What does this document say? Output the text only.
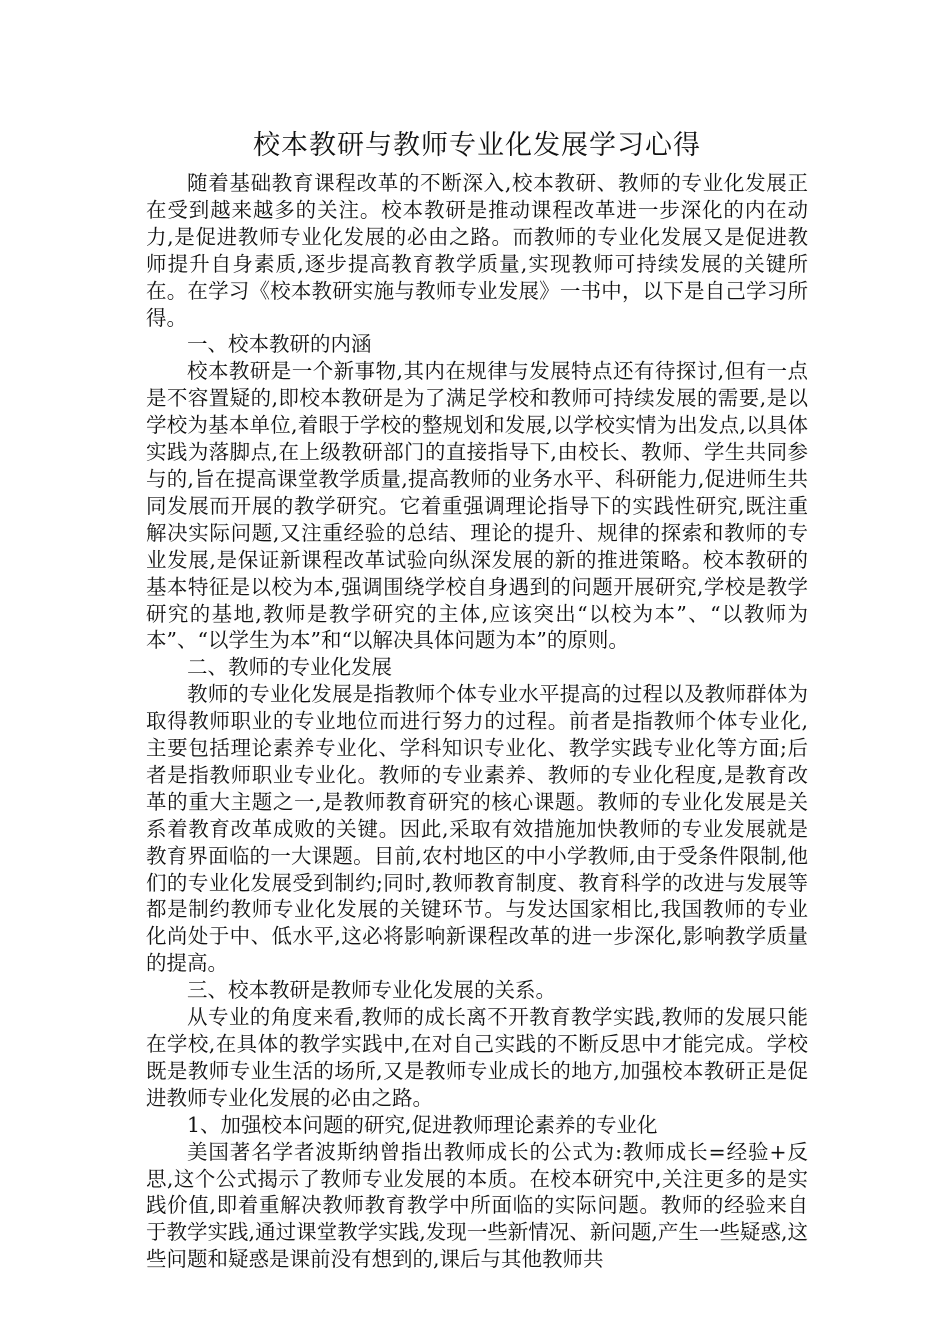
校本教研与教师专业化发展学习心得

随着基础教育课程改革的不断深入,校本教研、教师的专业化发展正在受到越来越多的关注。校本教研是推动课程改革进一步深化的内在动力,是促进教师专业化发展的必由之路。而教师的专业化发展又是促进教师提升自身素质,逐步提高教育教学质量,实现教师可持续发展的关键所在。在学习《校本教研实施与教师专业发展》一书中，以下是自己学习所得。

一、校本教研的内涵

校本教研是一个新事物,其内在规律与发展特点还有待探讨,但有一点是不容置疑的,即校本教研是为了满足学校和教师可持续发展的需要,是以学校为基本单位,着眼于学校的整规划和发展,以学校实情为出发点,以具体实践为落脚点,在上级教研部门的直接指导下,由校长、教师、学生共同参与的,旨在提高课堂教学质量,提高教师的业务水平、科研能力,促进师生共同发展而开展的教学研究。它着重强调理论指导下的实践性研究,既注重解决实际问题,又注重经验的总结、理论的提升、规律的探索和教师的专业发展,是保证新课程改革试验向纵深发展的新的推进策略。校本教研的基本特征是以校为本,强调围绕学校自身遇到的问题开展研究,学校是教学研究的基地,教师是教学研究的主体,应该突出“以校为本”、“以教师为本”、“以学生为本”和“以解决具体问题为本”的原则。

二、教师的专业化发展

教师的专业化发展是指教师个体专业水平提高的过程以及教师群体为取得教师职业的专业地位而进行努力的过程。前者是指教师个体专业化,主要包括理论素养专业化、学科知识专业化、教学实践专业化等方面;后者是指教师职业专业化。教师的专业素养、教师的专业化程度,是教育改革的重大主题之一,是教师教育研究的核心课题。教师的专业化发展是关系着教育改革成败的关键。因此,采取有效措施加快教师的专业发展就是教育界面临的一大课题。目前,农村地区的中小学教师,由于受条件限制,他们的专业化发展受到制约;同时,教师教育制度、教育科学的改进与发展等都是制约教师专业化发展的关键环节。与发达国家相比,我国教师的专业化尚处于中、低水平,这必将影响新课程改革的进一步深化,影响教学质量的提高。

三、校本教研是教师专业化发展的关系。

从专业的角度来看,教师的成长离不开教育教学实践,教师的发展只能在学校,在具体的教学实践中,在对自己实践的不断反思中才能完成。学校既是教师专业生活的场所,又是教师专业成长的地方,加强校本教研正是促进教师专业化发展的必由之路。

1、加强校本问题的研究,促进教师理论素养的专业化

美国著名学者波斯纳曾指出教师成长的公式为:教师成长=经验+反思,这个公式揭示了教师专业发展的本质。在校本研究中,关注更多的是实践价值,即着重解决教师教育教学中所面临的实际问题。教师的经验来自于教学实践,通过课堂教学实践,发现一些新情况、新问题,产生一些疑惑,这些问题和疑惑是课前没有想到的,课后与其他教师共
